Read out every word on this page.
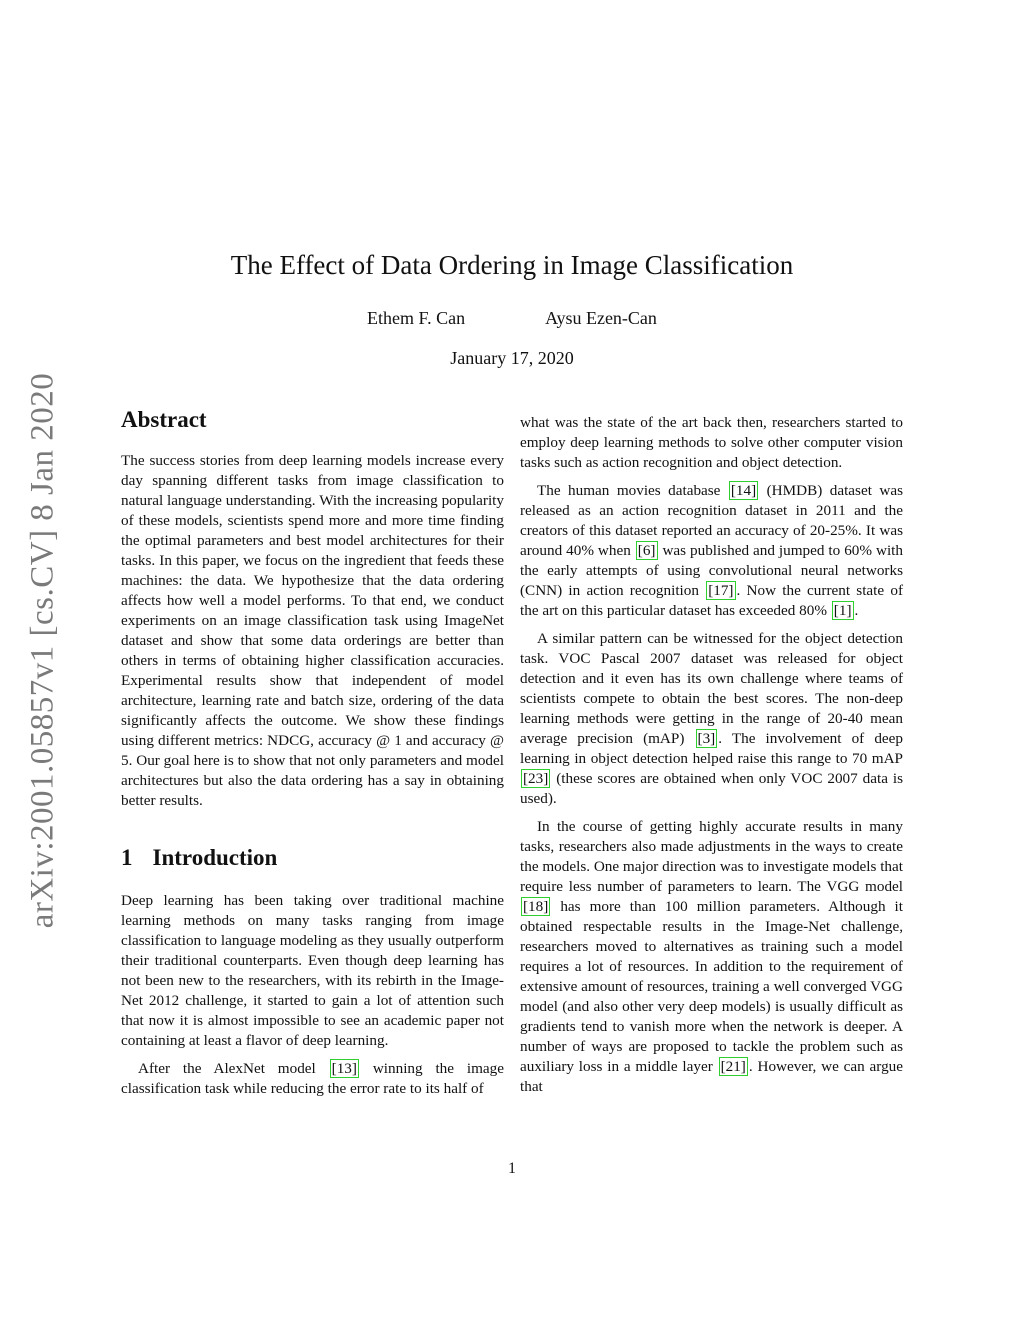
arXiv:2001.05857v1 [cs.CV] 8 Jan 2020
The Effect of Data Ordering in Image Classification
Ethem F. Can	Aysu Ezen-Can
January 17, 2020
Abstract

The success stories from deep learning models increase every day spanning different tasks from image classification to natural language understanding. With the increasing popularity of these models, scientists spend more and more time finding the optimal parameters and best model architectures for their tasks. In this paper, we focus on the ingredient that feeds these machines: the data. We hypothesize that the data ordering affects how well a model performs. To that end, we conduct experiments on an image classification task using ImageNet dataset and show that some data orderings are better than others in terms of obtaining higher classification accuracies. Experimental results show that independent of model architecture, learning rate and batch size, ordering of the data significantly affects the outcome. We show these findings using different metrics: NDCG, accuracy @ 1 and accuracy @ 5. Our goal here is to show that not only parameters and model architectures but also the data ordering has a say in obtaining better results.

1 Introduction

Deep learning has been taking over traditional machine learning methods on many tasks ranging from image classification to language modeling as they usually outperform their traditional counterparts. Even though deep learning has not been new to the researchers, with its rebirth in the Image-Net 2012 challenge, it started to gain a lot of attention such that now it is almost impossible to see an academic paper not containing at least a flavor of deep learning.

After the AlexNet model [13] winning the image classification task while reducing the error rate to its half of

what was the state of the art back then, researchers started to employ deep learning methods to solve other computer vision tasks such as action recognition and object detection.

The human movies database [14] (HMDB) dataset was released as an action recognition dataset in 2011 and the creators of this dataset reported an accuracy of 20-25%. It was around 40% when [6] was published and jumped to 60% with the early attempts of using convolutional neural networks (CNN) in action recognition [17] . Now the current state of the art on this particular dataset has exceeded 80% [1] .

A similar pattern can be witnessed for the object detection task. VOC Pascal 2007 dataset was released for object detection and it even has its own challenge where teams of scientists compete to obtain the best scores. The non-deep learning methods were getting in the range of 20-40 mean average precision (mAP) [3] . The involvement of deep learning in object detection helped raise this range to 70 mAP [23] (these scores are obtained when only VOC 2007 data is used).

In the course of getting highly accurate results in many tasks, researchers also made adjustments in the ways to create the models. One major direction was to investigate models that require less number of parameters to learn. The VGG model [18] has more than 100 million parameters. Although it obtained respectable results in the Image-Net challenge, researchers moved to alternatives as training such a model requires a lot of resources. In addition to the requirement of extensive amount of resources, training a well converged VGG model (and also other very deep models) is usually difficult as gradients tend to vanish more when the network is deeper. A number of ways are proposed to tackle the problem such as auxiliary loss in a middle layer [21] . However, we can argue that

1
